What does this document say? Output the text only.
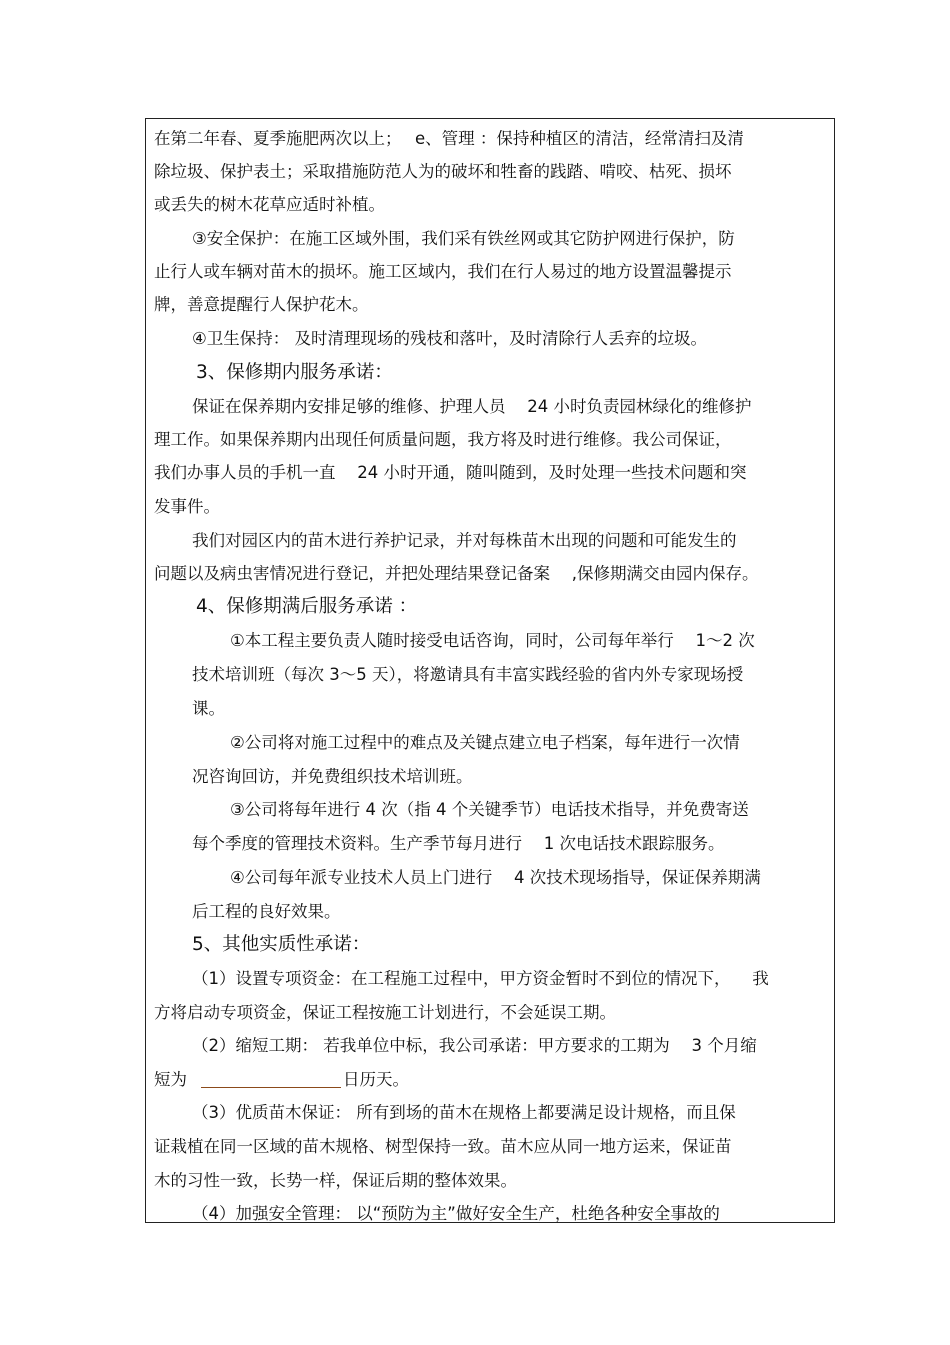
在第二年春、夏季施肥两次以上；　 e、管理 ：保持种植区的清洁，经常清扫及清
除垃圾、保护表土；采取措施防范人为的破坏和牲畜的践踏、啃咬、枯死、损坏
或丢失的树木花草应适时补植。
③安全保护：在施工区域外围，我们采有铁丝网或其它防护网进行保护，防
止行人或车辆对苗木的损坏。施工区域内，我们在行人易过的地方设置温馨提示
牌，善意提醒行人保护花木。
④卫生保持： 及时清理现场的残枝和落叶，及时清除行人丢弃的垃圾。
3、保修期内服务承诺：
保证在保养期内安排足够的维修、护理人员 　24 小时负责园林绿化的维修护
理工作。如果保养期内出现任何质量问题，我方将及时进行维修。我公司保证，
我们办事人员的手机一直 　24 小时开通，随叫随到，及时处理一些技术问题和突
发事件。
我们对园区内的苗木进行养护记录，并对每株苗木出现的问题和可能发生的
问题以及病虫害情况进行登记，并把处理结果登记备案 　,保修期满交由园内保存。
4、保修期满后服务承诺 ：
①本工程主要负责人随时接受电话咨询，同时，公司每年举行 　1～2 次
技术培训班（每次 3～5 天），将邀请具有丰富实践经验的省内外专家现场授
课。
②公司将对施工过程中的难点及关键点建立电子档案，每年进行一次情
况咨询回访，并免费组织技术培训班。
③公司将每年进行 4 次（指 4 个关键季节）电话技术指导，并免费寄送
每个季度的管理技术资料。生产季节每月进行 　1 次电话技术跟踪服务。
④公司每年派专业技术人员上门进行 　4 次技术现场指导，保证保养期满
后工程的良好效果。
5、其他实质性承诺：
（1）设置专项资金：在工程施工过程中，甲方资金暂时不到位的情况下， 　我
方将启动专项资金，保证工程按施工计划进行，不会延误工期。
（2）缩短工期： 若我单位中标，我公司承诺：甲方要求的工期为 　3 个月缩
短为	日历天。
（3）优质苗木保证： 所有到场的苗木在规格上都要满足设计规格，而且保
证栽植在同一区域的苗木规格、树型保持一致。苗木应从同一地方运来，保证苗
木的习性一致，长势一样，保证后期的整体效果。
（4）加强安全管理： 以“预防为主”做好安全生产，杜绝各种安全事故的
